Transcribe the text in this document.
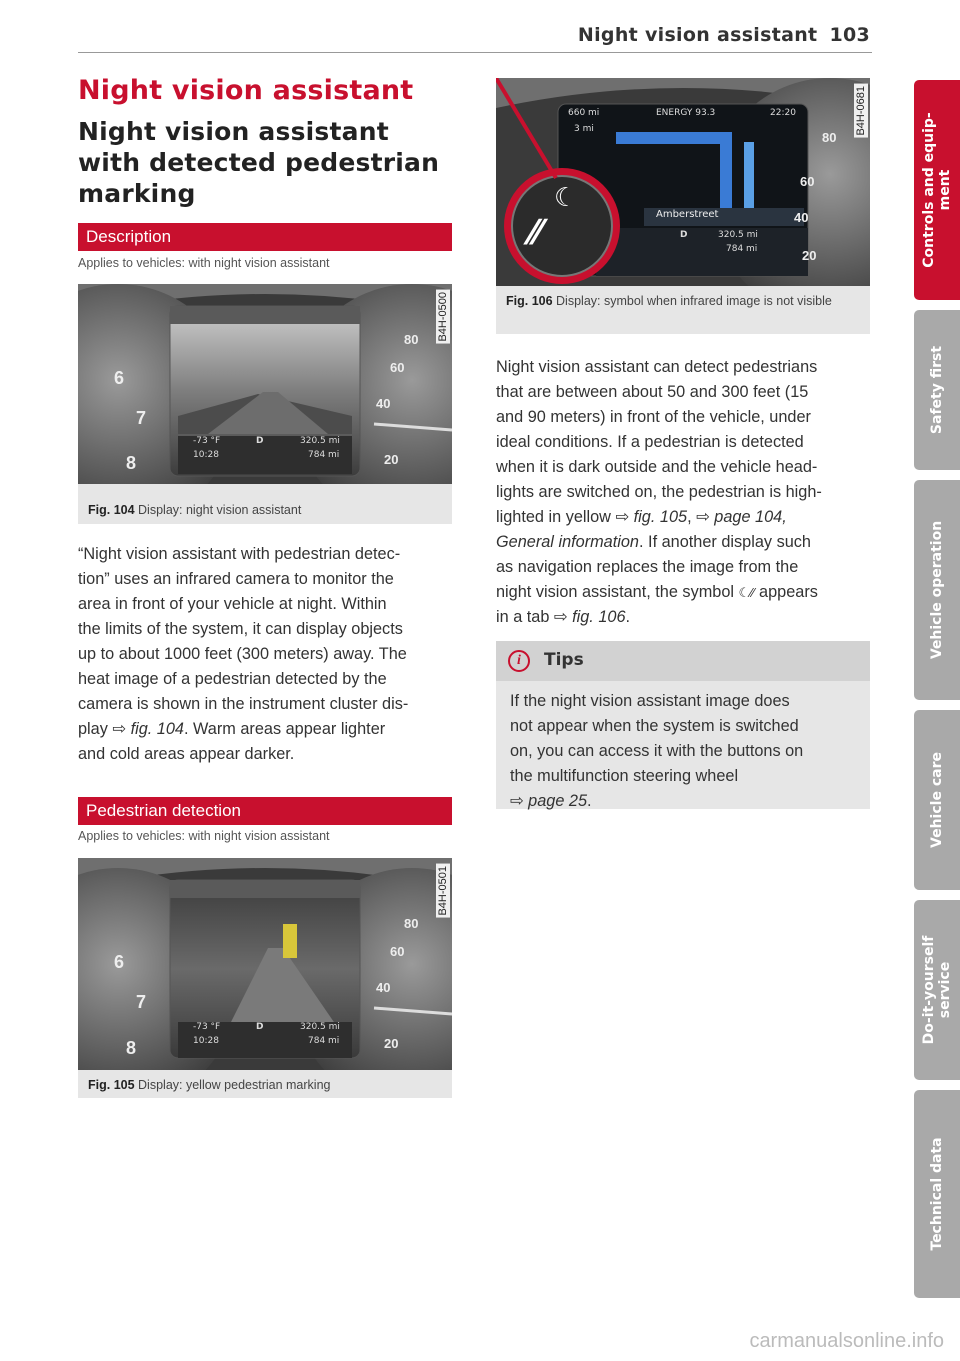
Night vision assistant 103
Night vision assistant
Night vision assistant with detected pedestrian marking
Description
Applies to vehicles: with night vision assistant
6
7
8
80
60
40
20
-73 °F
10:28
D	320.5 mi
784 mi
B4H-0500
Fig. 104 Display: night vision assistant
“Night vision assistant with pedestrian detec-
tion” uses an infrared camera to monitor the
area in front of your vehicle at night. Within
the limits of the system, it can display objects
up to about 1000 feet (300 meters) away. The
heat image of a pedestrian detected by the
camera is shown in the instrument cluster dis-
play ⇨ fig. 104. Warm areas appear lighter
and cold areas appear darker.
Pedestrian detection
Applies to vehicles: with night vision assistant
6
7
8
80
60
40
20
-73 °F
10:28
D	320.5 mi
784 mi
B4H-0501
Fig. 105 Display: yellow pedestrian marking
⁄⁄
☾
80
60
40
20
660 mi
3 mi
ENERGY 93.3	22:20
Amberstreet
D	320.5 mi
784 mi
B4H-0681
Fig. 106 Display: symbol when infrared image is not visible
Night vision assistant can detect pedestrians
that are between about 50 and 300 feet (15
and 90 meters) in front of the vehicle, under
ideal conditions. If a pedestrian is detected
when it is dark outside and the vehicle head-
lights are switched on, the pedestrian is high-
lighted in yellow ⇨ fig. 105, ⇨ page 104,
General information. If another display such
as navigation replaces the image from the
night vision assistant, the symbol ☾⁄⁄ appears
in a tab ⇨ fig. 106.
i	Tips
If the night vision assistant image does
not appear when the system is switched
on, you can access it with the buttons on
the multifunction steering wheel
⇨ page 25.
Controls and equip-
ment
Safety first
Vehicle operation
Vehicle care
Do-it-yourself
service
Technical data
carmanualsonline.info
